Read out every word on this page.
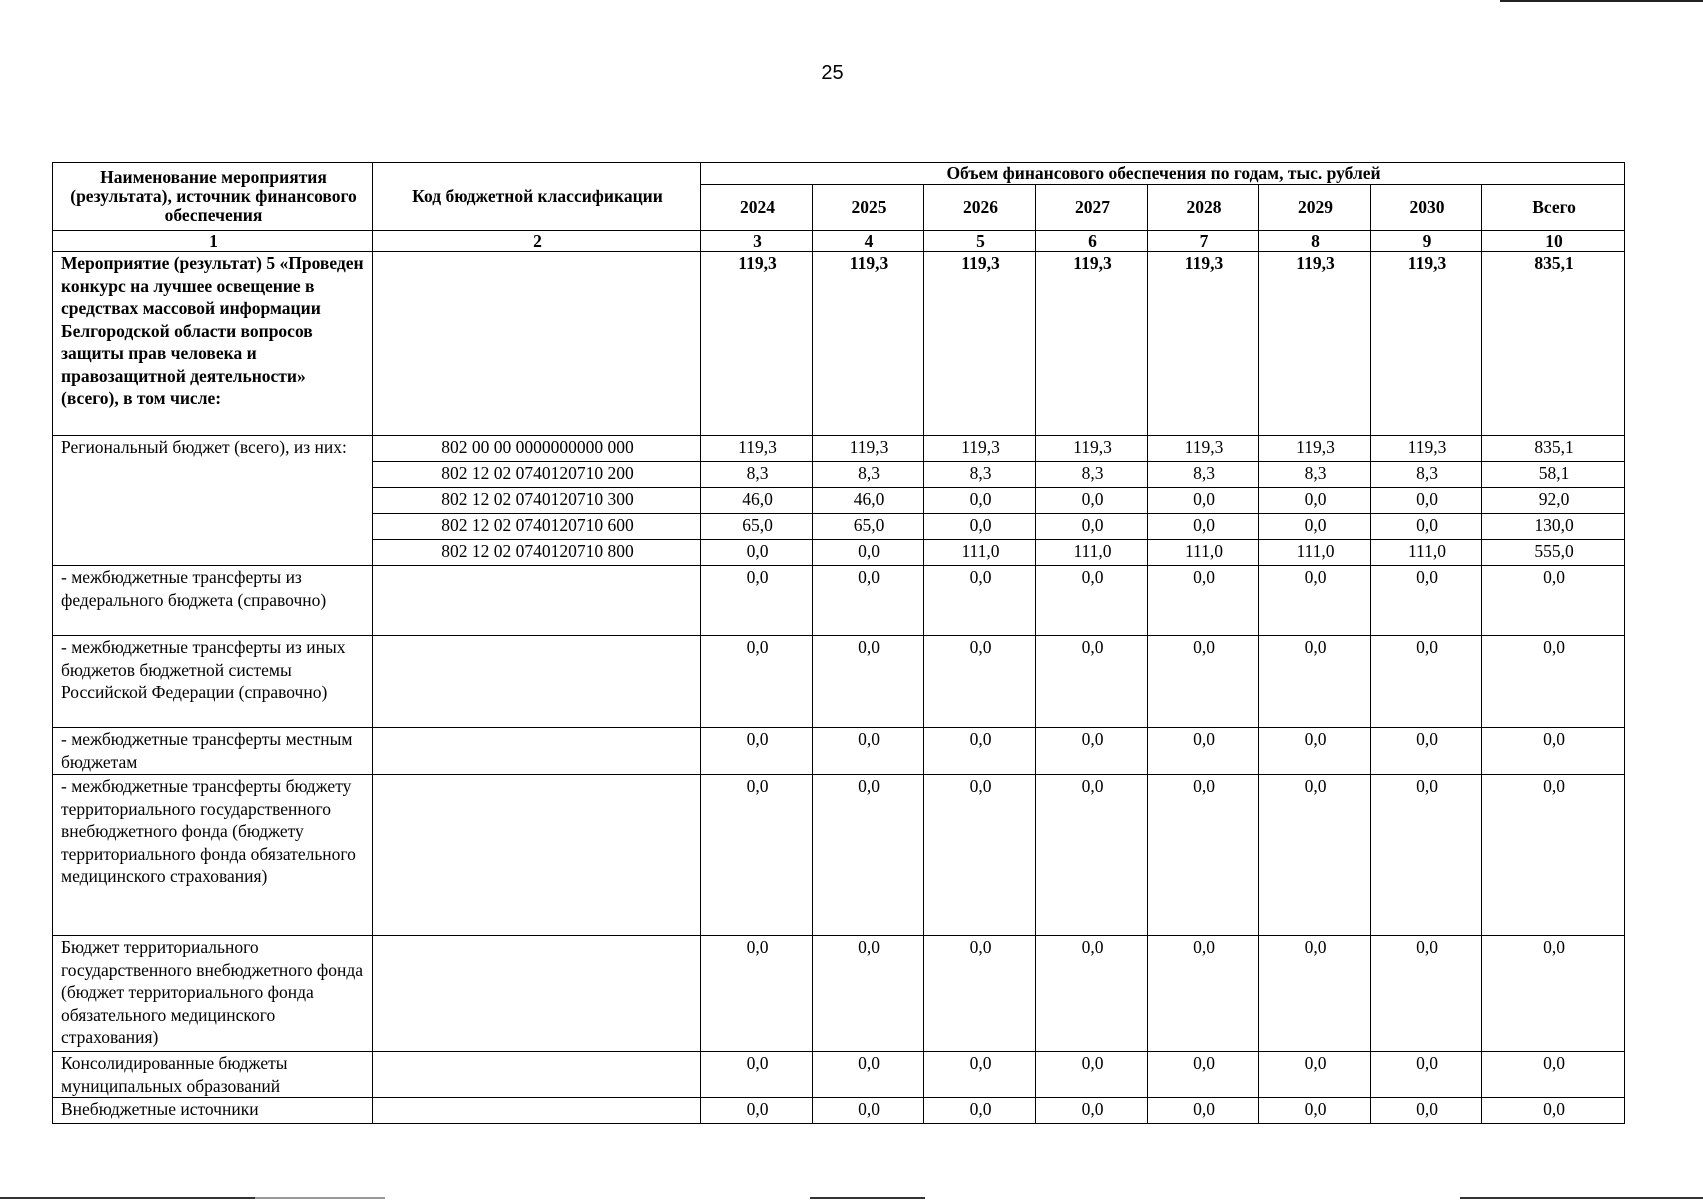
25
Наименование мероприятия (результата), источник финансового обеспечения	Код бюджетной классификации	Объем финансового обеспечения по годам, тыс. рублей							
		2024	2025	2026	2027	2028	2029	2030	Всего
1	2	3	4	5	6	7	8	9	10
Мероприятие (результат) 5 «Проведен конкурс на лучшее освещение в средствах массовой информации Белгородской области вопросов защиты прав человека и правозащитной деятельности» (всего), в том числе:		119,3	119,3	119,3	119,3	119,3	119,3	119,3	835,1
Региональный бюджет (всего), из них:	802 00 00 0000000000 000	119,3	119,3	119,3	119,3	119,3	119,3	119,3	835,1
	802 12 02 0740120710 200	8,3	8,3	8,3	8,3	8,3	8,3	8,3	58,1
	802 12 02 0740120710 300	46,0	46,0	0,0	0,0	0,0	0,0	0,0	92,0
	802 12 02 0740120710 600	65,0	65,0	0,0	0,0	0,0	0,0	0,0	130,0
	802 12 02 0740120710 800	0,0	0,0	111,0	111,0	111,0	111,0	111,0	555,0
- межбюджетные трансферты из федерального бюджета (справочно)		0,0	0,0	0,0	0,0	0,0	0,0	0,0	0,0
- межбюджетные трансферты из иных бюджетов бюджетной системы Российской Федерации (справочно)		0,0	0,0	0,0	0,0	0,0	0,0	0,0	0,0
- межбюджетные трансферты местным бюджетам		0,0	0,0	0,0	0,0	0,0	0,0	0,0	0,0
- межбюджетные трансферты бюджету территориального государственного внебюджетного фонда (бюджету территориального фонда обязательного медицинского страхования)		0,0	0,0	0,0	0,0	0,0	0,0	0,0	0,0
Бюджет территориального государственного внебюджетного фонда (бюджет территориального фонда обязательного медицинского страхования)		0,0	0,0	0,0	0,0	0,0	0,0	0,0	0,0
Консолидированные бюджеты муниципальных образований		0,0	0,0	0,0	0,0	0,0	0,0	0,0	0,0
Внебюджетные источники		0,0	0,0	0,0	0,0	0,0	0,0	0,0	0,0
